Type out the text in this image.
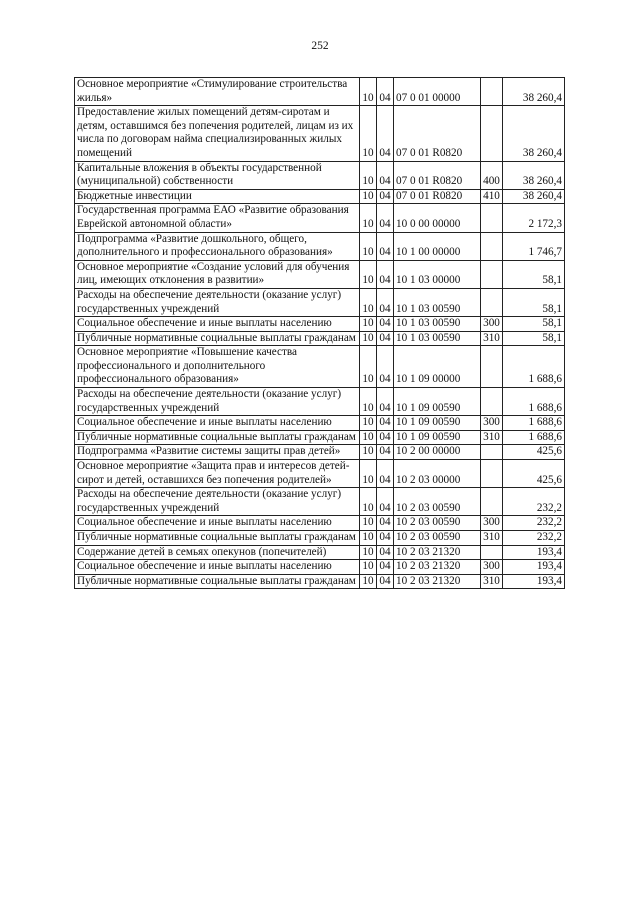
252
Основное мероприятие «Стимулирование строительства жилья»	10	04	07 0 01 00000		38 260,4
Предоставление жилых помещений детям-сиротам и детям, оставшимся без попечения родителей, лицам из их числа по договорам найма специализированных жилых помещений	10	04	07 0 01 R0820		38 260,4
Капитальные вложения в объекты государственной (муниципальной) собственности	10	04	07 0 01 R0820	400	38 260,4
Бюджетные инвестиции	10	04	07 0 01 R0820	410	38 260,4
Государственная программа ЕАО «Развитие образования Еврейской автономной области»	10	04	10 0 00 00000		2 172,3
Подпрограмма «Развитие дошкольного, общего, дополнительного и профессионального образования»	10	04	10 1 00 00000		1 746,7
Основное мероприятие «Создание условий для обучения лиц, имеющих отклонения в развитии»	10	04	10 1 03 00000		58,1
Расходы на обеспечение деятельности (оказание услуг) государственных учреждений	10	04	10 1 03 00590		58,1
Социальное обеспечение и иные выплаты населению	10	04	10 1 03 00590	300	58,1
Публичные нормативные социальные выплаты гражданам	10	04	10 1 03 00590	310	58,1
Основное мероприятие «Повышение качества профессионального и дополнительного профессионального образования»	10	04	10 1 09 00000		1 688,6
Расходы на обеспечение деятельности (оказание услуг) государственных учреждений	10	04	10 1 09 00590		1 688,6
Социальное обеспечение и иные выплаты населению	10	04	10 1 09 00590	300	1 688,6
Публичные нормативные социальные выплаты гражданам	10	04	10 1 09 00590	310	1 688,6
Подпрограмма «Развитие системы защиты прав детей»	10	04	10 2 00 00000		425,6
Основное мероприятие «Защита прав и интересов детей-сирот и детей, оставшихся без попечения родителей»	10	04	10 2 03 00000		425,6
Расходы на обеспечение деятельности (оказание услуг) государственных учреждений	10	04	10 2 03 00590		232,2
Социальное обеспечение и иные выплаты населению	10	04	10 2 03 00590	300	232,2
Публичные нормативные социальные выплаты гражданам	10	04	10 2 03 00590	310	232,2
Содержание детей в семьях опекунов (попечителей)	10	04	10 2 03 21320		193,4
Социальное обеспечение и иные выплаты населению	10	04	10 2 03 21320	300	193,4
Публичные нормативные социальные выплаты гражданам	10	04	10 2 03 21320	310	193,4
